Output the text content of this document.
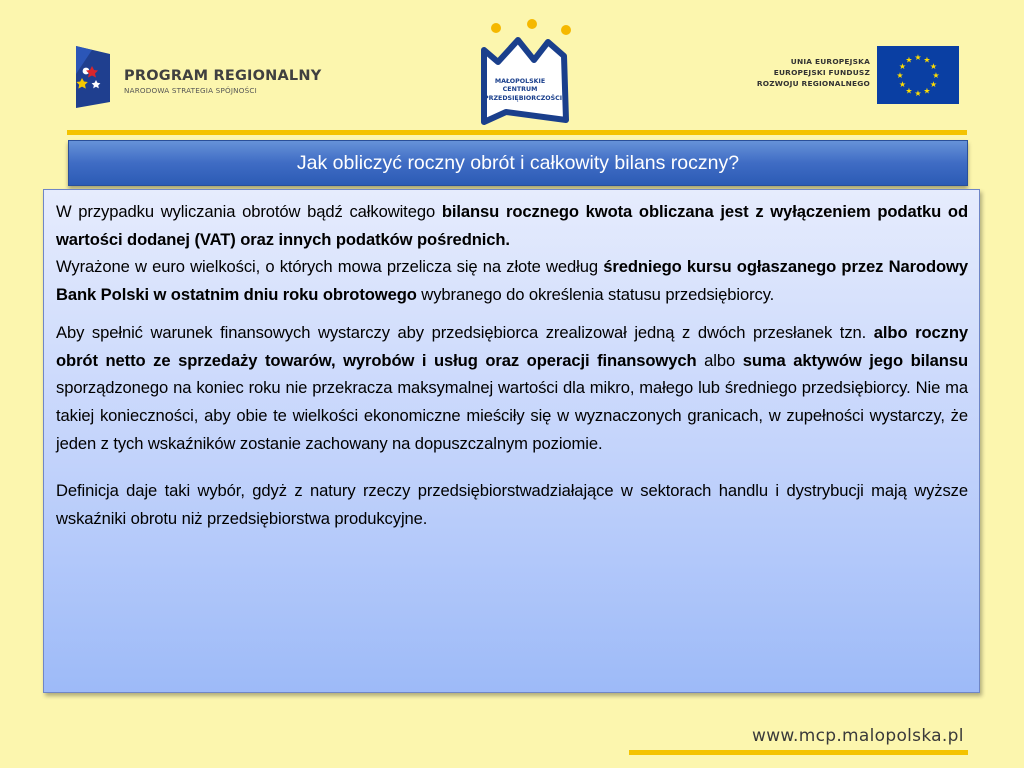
PROGRAM REGIONALNY
NARODOWA STRATEGIA SPÓJNOŚCI
MAŁOPOLSKIE
CENTRUM
PRZEDSIĘBIORCZOŚCI
UNIA EUROPEJSKA
EUROPEJSKI FUNDUSZ
ROZWOJU REGIONALNEGO
★ ★
★
★
★
★
★
★
★
★
★
★
Jak obliczyć roczny obrót i całkowity bilans roczny?

W przypadku wyliczania obrotów bądź całkowitego bilansu rocznego kwota obliczana jest z wyłączeniem podatku od wartości dodanej (VAT) oraz innych podatków pośrednich.

Wyrażone w euro wielkości, o których mowa przelicza się na złote według średniego kursu ogłaszanego przez Narodowy Bank Polski w ostatnim dniu roku obrotowego wybranego do określenia statusu przedsiębiorcy.

Aby spełnić warunek finansowych wystarczy aby przedsiębiorca zrealizował jedną z dwóch przesłanek tzn. albo roczny obrót netto ze sprzedaży towarów, wyrobów i usług oraz operacji finansowych albo suma aktywów jego bilansu sporządzonego na koniec roku nie przekracza maksymalnej wartości dla mikro, małego lub średniego przedsiębiorcy. Nie ma takiej konieczności, aby obie te wielkości ekonomiczne mieściły się w wyznaczonych granicach, w zupełności wystarczy, że jeden z tych wskaźników zostanie zachowany na dopuszczalnym poziomie.

Definicja daje taki wybór, gdyż z natury rzeczy przedsiębiorstwadziałające w sektorach handlu i dystrybucji mają wyższe wskaźniki obrotu niż przedsiębiorstwa produkcyjne.

www.mcp.malopolska.pl
